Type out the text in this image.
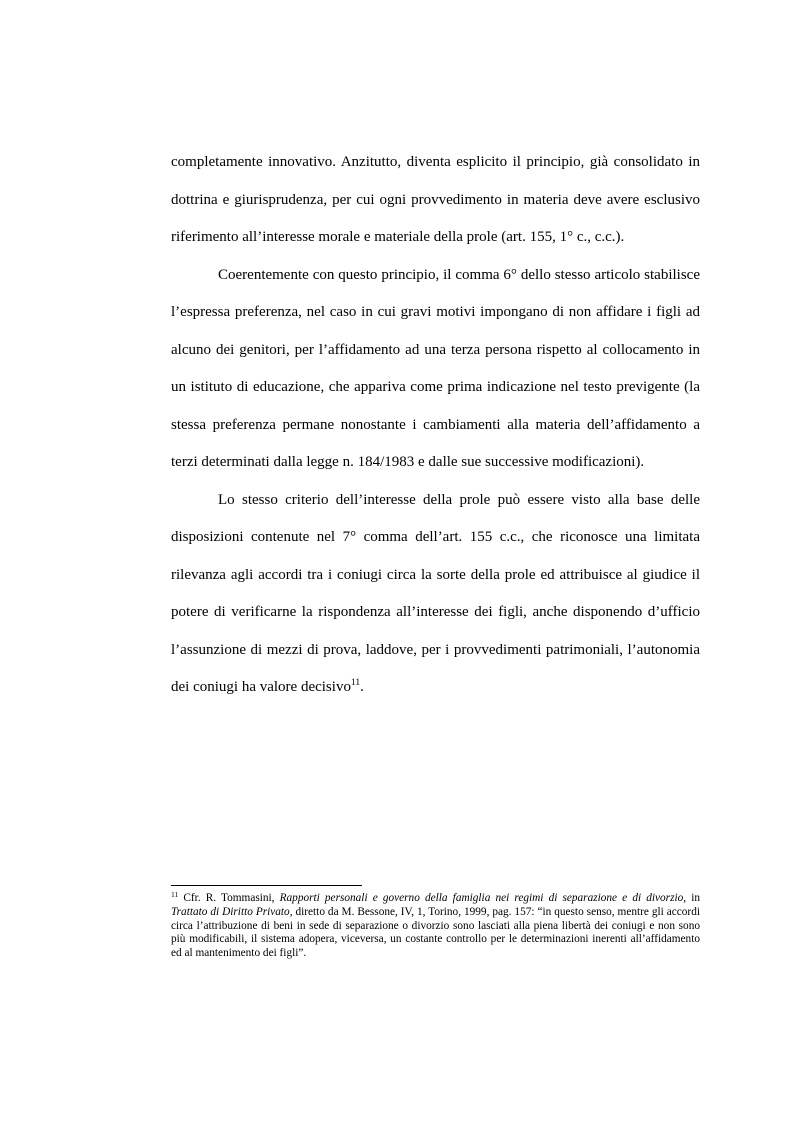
completamente innovativo. Anzitutto, diventa esplicito il principio, già consolidato in dottrina e giurisprudenza, per cui ogni provvedimento in materia deve avere esclusivo riferimento all’interesse morale e materiale della prole (art. 155, 1° c., c.c.).

Coerentemente con questo principio, il comma 6° dello stesso articolo stabilisce l’espressa preferenza, nel caso in cui gravi motivi impongano di non affidare i figli ad alcuno dei genitori, per l’affidamento ad una terza persona rispetto al collocamento in un istituto di educazione, che appariva come prima indicazione nel testo previgente (la stessa preferenza permane nonostante i cambiamenti alla materia dell’affidamento a terzi determinati dalla legge n. 184/1983 e dalle sue successive modificazioni).

Lo stesso criterio dell’interesse della prole può essere visto alla base delle disposizioni contenute nel 7° comma dell’art. 155 c.c., che riconosce una limitata rilevanza agli accordi tra i coniugi circa la sorte della prole ed attribuisce al giudice il potere di verificarne la rispondenza all’interesse dei figli, anche disponendo d’ufficio l’assunzione di mezzi di prova, laddove, per i provvedimenti patrimoniali, l’autonomia dei coniugi ha valore decisivo$^{11}$.

$^{11}$ Cfr. R. Tommasini, Rapporti personali e governo della famiglia nei regimi di separazione e di divorzio, in Trattato di Diritto Privato, diretto da M. Bessone, IV, 1, Torino, 1999, pag. 157: “in questo senso, mentre gli accordi circa l’attribuzione di beni in sede di separazione o divorzio sono lasciati alla piena libertà dei coniugi e non sono più modificabili, il sistema adopera, viceversa, un costante controllo per le determinazioni inerenti all’affidamento ed al mantenimento dei figli”.
